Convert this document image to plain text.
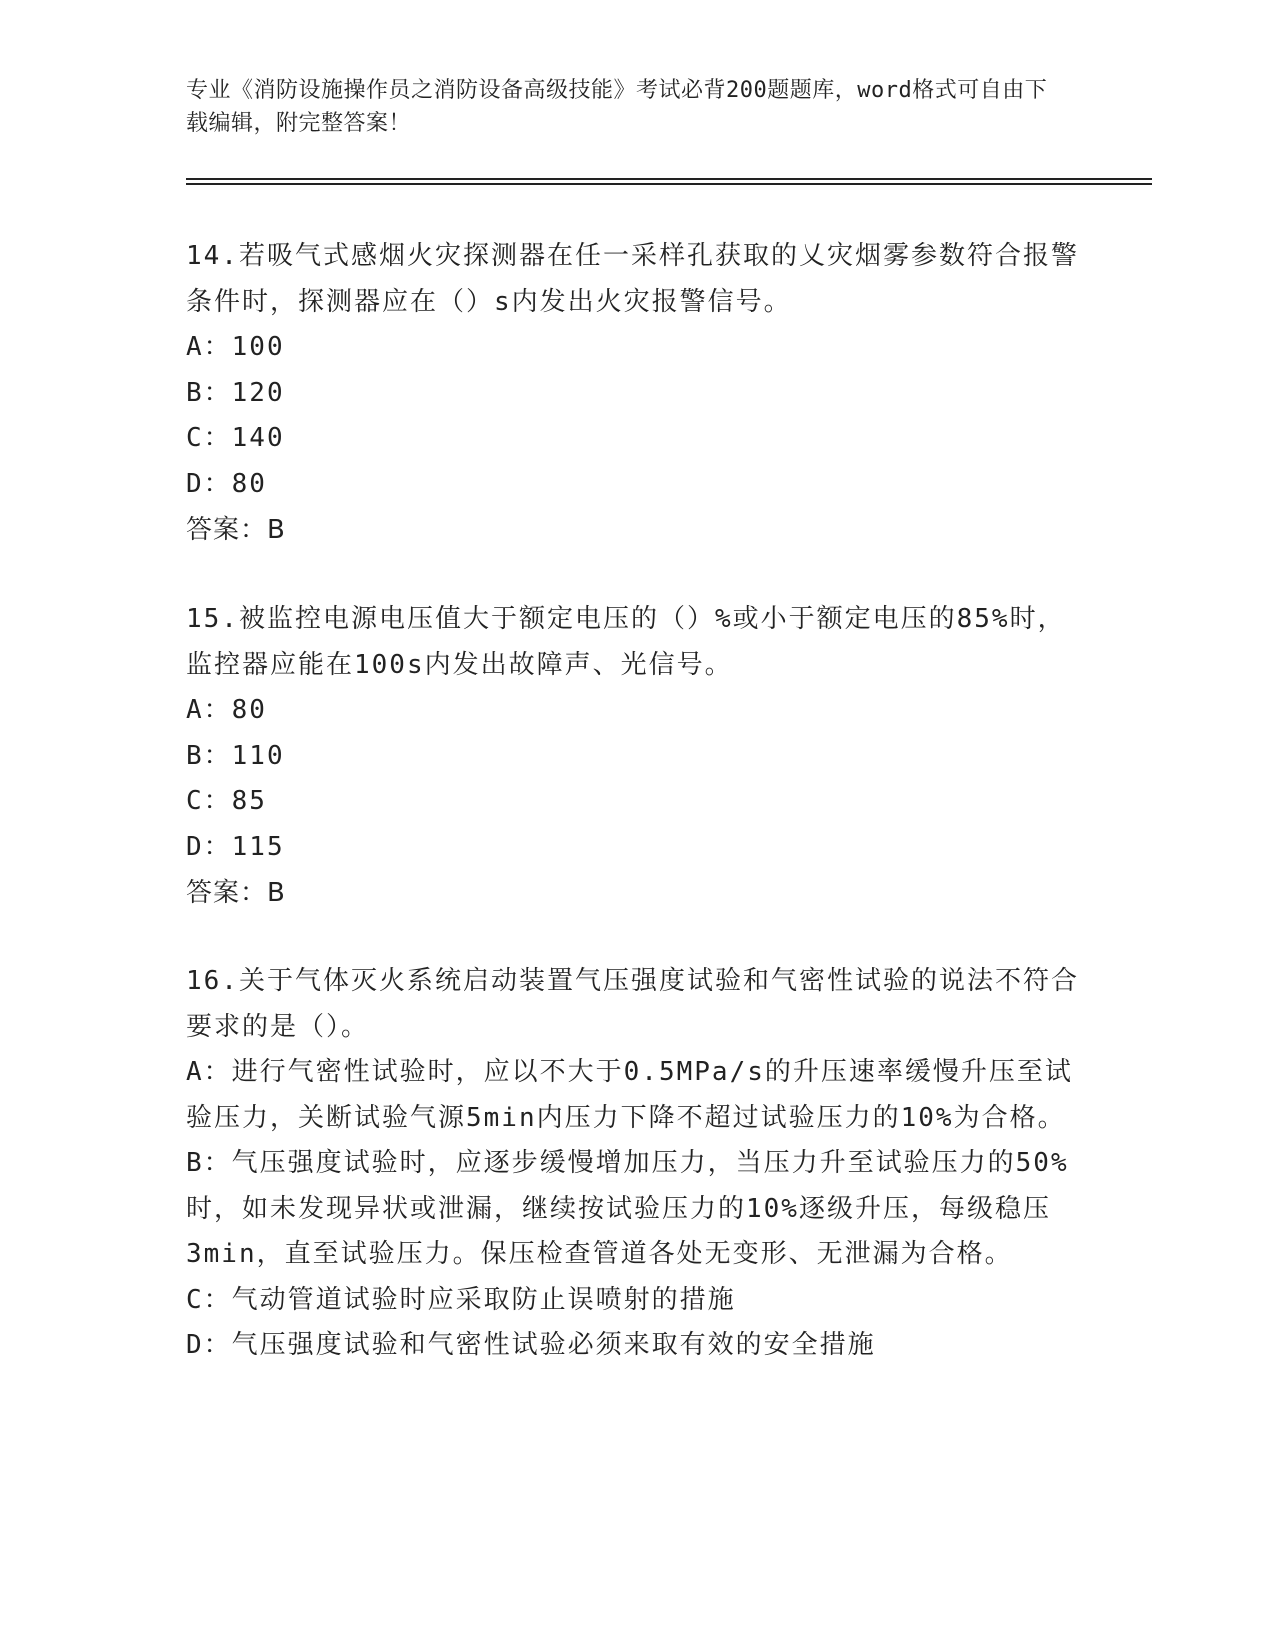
专业《消防设施操作员之消防设备高级技能》考试必背200题题库，word格式可自由下载编辑，附完整答案！

14.若吸气式感烟火灾探测器在任一采样孔获取的乂灾烟雾参数符合报警条件时，探测器应在（）s内发出火灾报警信号。

A：100

B：120

C：140

D：80

答案：B

15.被监控电源电压值大于额定电压的（）%或小于额定电压的85%时，监控器应能在100s内发出故障声、光信号。

A：80

B：110

C：85

D：115

答案：B

16.关于气体灭火系统启动装置气压强度试验和气密性试验的说法不符合要求的是（）。

A：进行气密性试验时，应以不大于0.5MPa/s的升压速率缓慢升压至试验压力，关断试验气源5min内压力下降不超过试验压力的10%为合格。

B：气压强度试验时，应逐步缓慢增加压力，当压力升至试验压力的50%时，如未发现异状或泄漏，继续按试验压力的10%逐级升压，每级稳压3min，直至试验压力。保压检查管道各处无变形、无泄漏为合格。

C：气动管道试验时应采取防止误喷射的措施

D：气压强度试验和气密性试验必须来取有效的安全措施
